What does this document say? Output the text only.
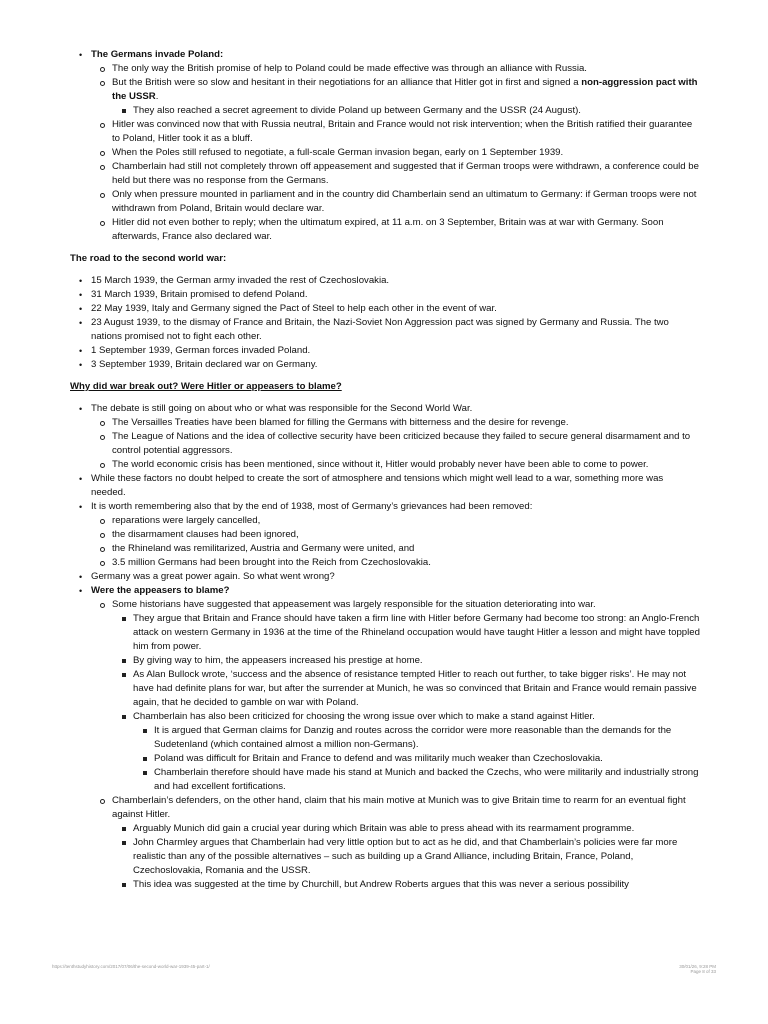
• The Germans invade Poland:
The only way the British promise of help to Poland could be made effective was through an alliance with Russia.
But the British were so slow and hesitant in their negotiations for an alliance that Hitler got in first and signed a non-aggression pact with the USSR.
They also reached a secret agreement to divide Poland up between Germany and the USSR (24 August).
Hitler was convinced now that with Russia neutral, Britain and France would not risk intervention; when the British ratified their guarantee to Poland, Hitler took it as a bluff.
When the Poles still refused to negotiate, a full-scale German invasion began, early on 1 September 1939.
Chamberlain had still not completely thrown off appeasement and suggested that if German troops were withdrawn, a conference could be held but there was no response from the Germans.
Only when pressure mounted in parliament and in the country did Chamberlain send an ultimatum to Germany: if German troops were not withdrawn from Poland, Britain would declare war.
Hitler did not even bother to reply; when the ultimatum expired, at 11 a.m. on 3 September, Britain was at war with Germany. Soon afterwards, France also declared war.
The road to the second world war:
• 15 March 1939, the German army invaded the rest of Czechoslovakia.
• 31 March 1939, Britain promised to defend Poland.
• 22 May 1939, Italy and Germany signed the Pact of Steel to help each other in the event of war.
• 23 August 1939, to the dismay of France and Britain, the Nazi-Soviet Non Aggression pact was signed by Germany and Russia. The two nations promised not to fight each other.
• 1 September 1939, German forces invaded Poland.
• 3 September 1939, Britain declared war on Germany.
Why did war break out? Were Hitler or appeasers to blame?
• The debate is still going on about who or what was responsible for the Second World War.
The Versailles Treaties have been blamed for filling the Germans with bitterness and the desire for revenge.
The League of Nations and the idea of collective security have been criticized because they failed to secure general disarmament and to control potential aggressors.
The world economic crisis has been mentioned, since without it, Hitler would probably never have been able to come to power.
• While these factors no doubt helped to create the sort of atmosphere and tensions which might well lead to a war, something more was needed.
• It is worth remembering also that by the end of 1938, most of Germany’s grievances had been removed:
reparations were largely cancelled,
the disarmament clauses had been ignored,
the Rhineland was remilitarized, Austria and Germany were united, and
3.5 million Germans had been brought into the Reich from Czechoslovakia.
• Germany was a great power again. So what went wrong?
• Were the appeasers to blame?
Some historians have suggested that appeasement was largely responsible for the situation deteriorating into war.
They argue that Britain and France should have taken a firm line with Hitler before Germany had become too strong: an Anglo-French attack on western Germany in 1936 at the time of the Rhineland occupation would have taught Hitler a lesson and might have toppled him from power.
By giving way to him, the appeasers increased his prestige at home.
As Alan Bullock wrote, ‘success and the absence of resistance tempted Hitler to reach out further, to take bigger risks’. He may not have had definite plans for war, but after the surrender at Munich, he was so convinced that Britain and France would remain passive again, that he decided to gamble on war with Poland.
Chamberlain has also been criticized for choosing the wrong issue over which to make a stand against Hitler.
It is argued that German claims for Danzig and routes across the corridor were more reasonable than the demands for the Sudetenland (which contained almost a million non-Germans).
Poland was difficult for Britain and France to defend and was militarily much weaker than Czechoslovakia.
Chamberlain therefore should have made his stand at Munich and backed the Czechs, who were militarily and industrially strong and had excellent fortifications.
Chamberlain’s defenders, on the other hand, claim that his main motive at Munich was to give Britain time to rearm for an eventual fight against Hitler.
Arguably Munich did gain a crucial year during which Britain was able to press ahead with its rearmament programme.
John Charmley argues that Chamberlain had very little option but to act as he did, and that Chamberlain’s policies were far more realistic than any of the possible alternatives – such as building up a Grand Alliance, including Britain, France, Poland, Czechoslovakia, Romania and the USSR.
This idea was suggested at the time by Churchill, but Andrew Roberts argues that this was never a serious possibility
https://tenthstudyhistory.com/2017/07/06/the-second-world-war-1939-45-part-1/	30/01/26, 9:28 PM
Page 8 of 33
